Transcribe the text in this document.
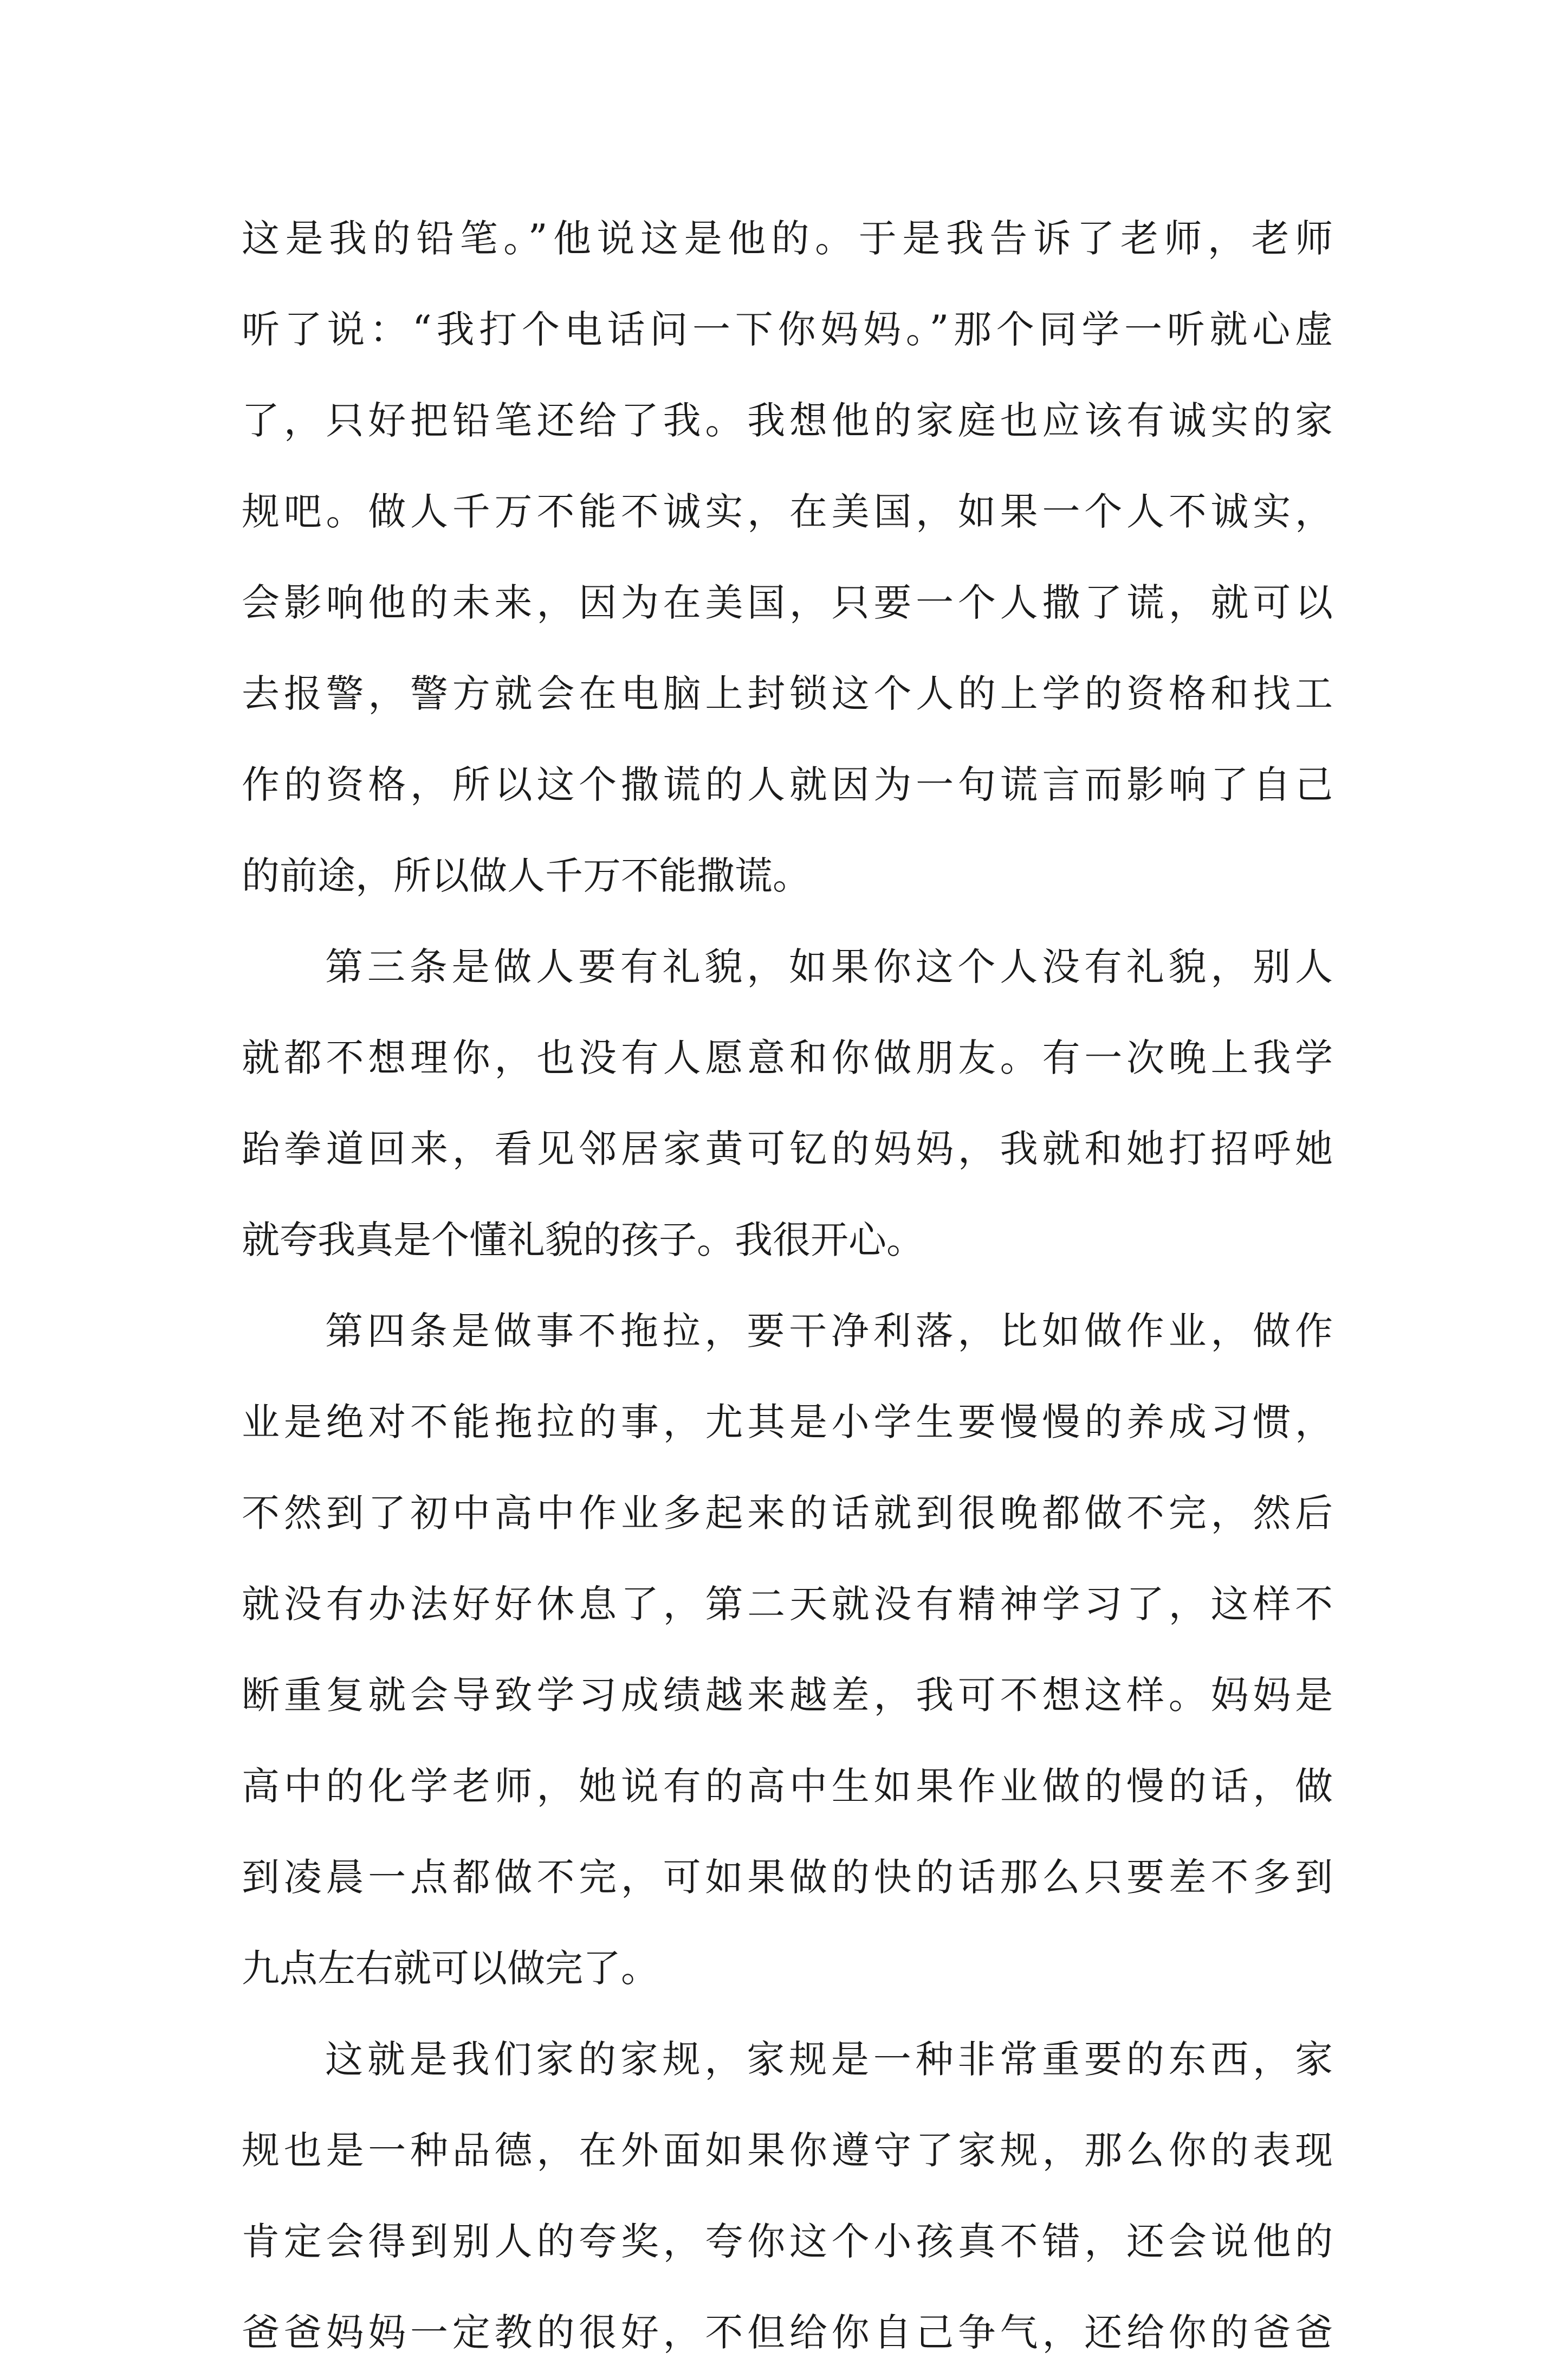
这是我的铅笔。”他说这是他的。于是我告诉了老师，老师
听了说：“我打个电话问一下你妈妈。”那个同学一听就心虚
了，只好把铅笔还给了我。我想他的家庭也应该有诚实的家
规吧。做人千万不能不诚实，在美国，如果一个人不诚实，
会影响他的未来，因为在美国，只要一个人撒了谎，就可以
去报警，警方就会在电脑上封锁这个人的上学的资格和找工
作的资格，所以这个撒谎的人就因为一句谎言而影响了自己
的前途，所以做人千万不能撒谎。
第三条是做人要有礼貌，如果你这个人没有礼貌，别人
就都不想理你，也没有人愿意和你做朋友。有一次晚上我学
跆拳道回来，看见邻居家黄可钇的妈妈，我就和她打招呼她
就夸我真是个懂礼貌的孩子。我很开心。
第四条是做事不拖拉，要干净利落，比如做作业，做作
业是绝对不能拖拉的事，尤其是小学生要慢慢的养成习惯，
不然到了初中高中作业多起来的话就到很晚都做不完，然后
就没有办法好好休息了，第二天就没有精神学习了，这样不
断重复就会导致学习成绩越来越差，我可不想这样。妈妈是
高中的化学老师，她说有的高中生如果作业做的慢的话，做
到凌晨一点都做不完，可如果做的快的话那么只要差不多到
九点左右就可以做完了。
这就是我们家的家规，家规是一种非常重要的东西，家
规也是一种品德，在外面如果你遵守了家规，那么你的表现
肯定会得到别人的夸奖，夸你这个小孩真不错，还会说他的
爸爸妈妈一定教的很好，不但给你自己争气，还给你的爸爸
